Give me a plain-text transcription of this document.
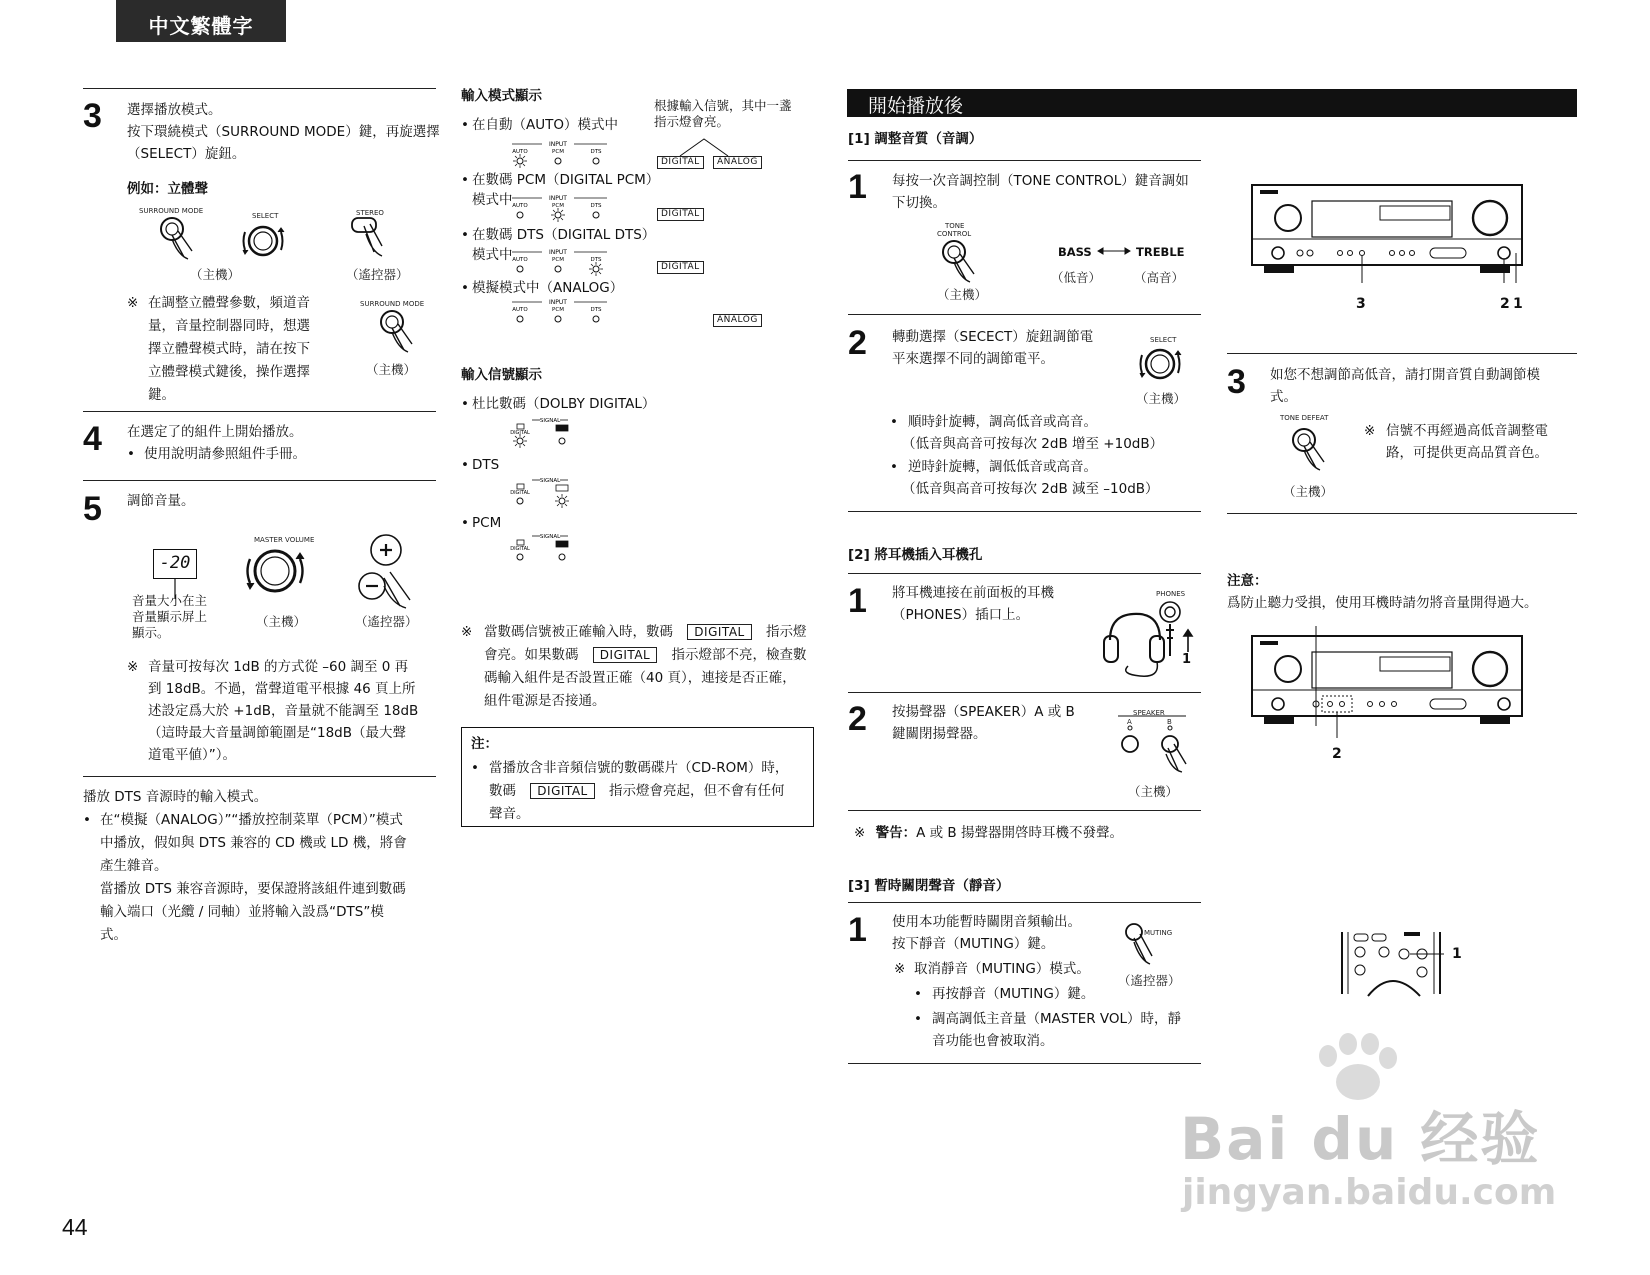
中文繁體字
3 選擇播放模式。
按下環繞模式（SURROUND MODE）鍵，再旋選擇
（SELECT）旋鈕。
例如：立體聲
SURROUND MODE
SELECT	STEREO
（主機）	（遙控器）
※ 在調整立體聲參數，頻道音
量，音量控制器同時，想選
擇立體聲模式時，請在按下
立體聲模式鍵後，操作選擇
鍵。
SURROUND MODE
（主機）
4 在選定了的組件上開始播放。
• 使用說明請參照組件手冊。
5 調節音量。
-20
音量大小在主
音量顯示屏上
顯示。
MASTER VOLUME
（主機）	（遙控器）
※ 音量可按每次 1dB 的方式從 –60 調至 0 再
到 18dB。不過，當聲道電平根據 46 頁上所
述設定爲大於 +1dB，音量就不能調至 18dB
（這時最大音量調節範圍是“18dB（最大聲
道電平値）”）。
播放 DTS 音源時的輸入模式。
• 在“模擬（ANALOG）”“播放控制菜單（PCM）”模式
中播放，假如與 DTS 兼容的 CD 機或 LD 機，將會
產生雜音。
當播放 DTS 兼容音源時，要保證將該組件連到數碼
輸入端口（光纜 / 同軸）並將輸入設爲“DTS”模
式。
輸入模式顯示
根據輸入信號，其中一盞
指示燈會亮。
• 在自動（AUTO）模式中
INPUT
AUTO	PCM	DTS
DIGITAL	ANALOG
• 在數碼 PCM（DIGITAL PCM）
模式中	INPUT
AUTO	PCM	DTS
DIGITAL
• 在數碼 DTS（DIGITAL DTS）
模式中	INPUT
AUTO	PCM	DTS
DIGITAL
• 模擬模式中（ANALOG）
INPUT
AUTO	PCM	DTS
ANALOG
輸入信號顯示
• 杜比數碼（DOLBY DIGITAL）
SIGNAL
DIGITAL
• DTS
SIGNAL
DIGITAL
• PCM
SIGNAL
DIGITAL
※ 當數碼信號被正確輸入時，數碼 DIGITAL 指示燈
會亮。如果數碼 DIGITAL 指示燈部不亮，檢查數
碼輸入組件是否設置正確（40 頁），連接是否正確，
組件電源是否接通。
注：
• 當播放含非音頻信號的數碼碟片（CD-ROM）時，
數碼 DIGITAL 指示燈會亮起，但不會有任何
聲音。
開始播放後
[1] 調整音質（音調）
1 每按一次音調控制（TONE CONTROL）鍵音調如
下切換。
TONE
CONTROL
（主機）
BASS	TREBLE
（低音）	（高音）
2 轉動選擇（SECECT）旋鈕調節電
平來選擇不同的調節電平。
SELECT
（主機）
• 順時針旋轉，調高低音或高音。
（低音與高音可按每次 2dB 增至 +10dB）
• 逆時針旋轉，調低低音或高音。
（低音與高音可按每次 2dB 減至 –10dB）
[2] 將耳機插入耳機孔
1 將耳機連接在前面板的耳機
（PHONES）插口上。
PHONES
1
2 按揚聲器（SPEAKER）A 或 B
鍵關閉揚聲器。
SPEAKER
A	B
（主機）
※ 警告：A 或 B 揚聲器開啓時耳機不發聲。
[3] 暫時關閉聲音（靜音）
1 使用本功能暫時關閉音頻輸出。
按下靜音（MUTING）鍵。
MUTING
（遙控器）
※ 取消靜音（MUTING）模式。
• 再按靜音（MUTING）鍵。
• 調高調低主音量（MASTER VOL）時，靜
音功能也會被取消。
3	2 1
3 如您不想調節高低音，請打開音質自動調節模
式。
TONE DEFEAT
（主機）
※ 信號不再經過高低音調整電
路，可提供更高品質音色。
注意：
爲防止聽力受損，使用耳機時請勿將音量開得過大。
2
1
Bai du 经验
jingyan.baidu.com
44
